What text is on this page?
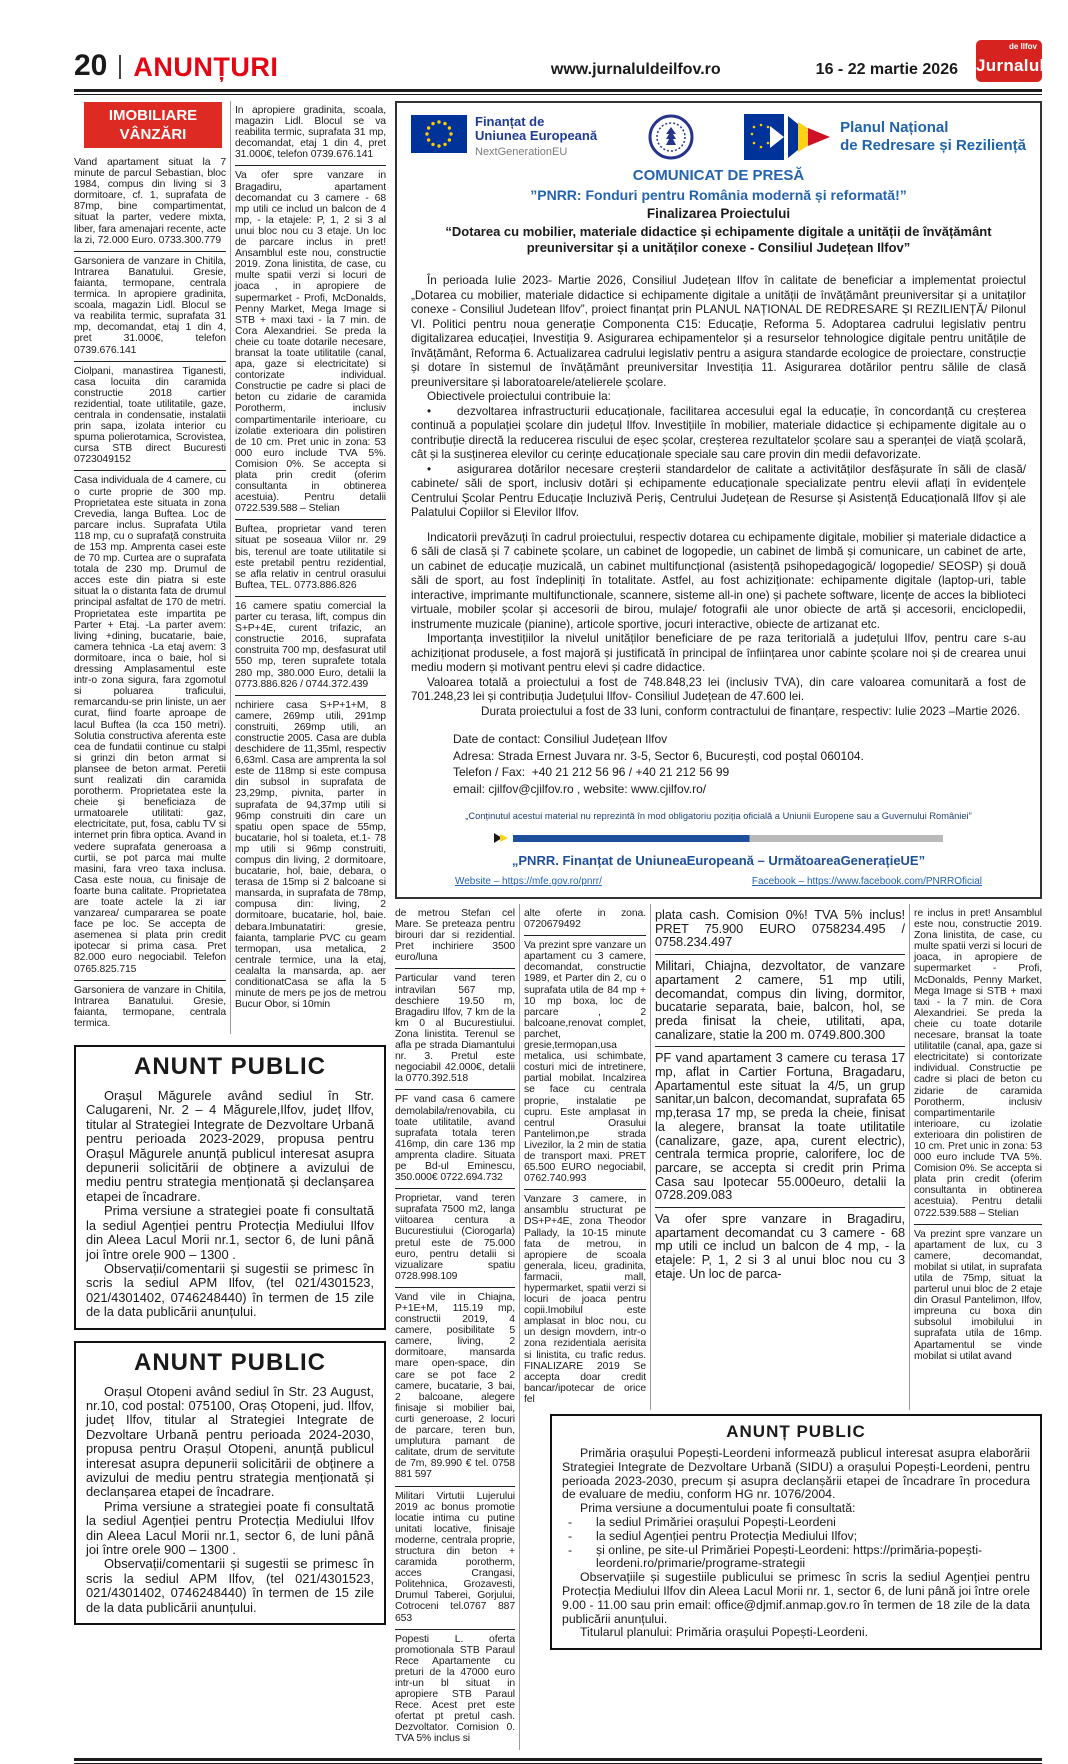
20 ANUNȚURI	www.jurnaluldeilfov.ro	16 - 22 martie 2026
de Ilfov
Jurnalul
IMOBILIARE
VÂNZĂRI
Vand apartament situat la 7 minute de parcul Sebastian, bloc 1984, compus din living si 3 dormitoare, cf. 1, suprafata de 87mp, bine compartimentat, situat la parter, vedere mixta, liber, fara amenajari recente, acte la zi, 72.000 Euro. 0733.300.779
Garsoniera de vanzare in Chitila, Intrarea Banatului. Gresie, faianta, termopane, centrala termica. In apropiere gradinita, scoala, magazin Lidl. Blocul se va reabilita termic, suprafata 31 mp, decomandat, etaj 1 din 4, pret 31.000€, telefon 0739.676.141
Ciolpani, manastirea Tiganesti, casa locuita din caramida constructie 2018 cartier rezidential, toate utilitatile, gaze, centrala in condensatie, instalatii prin sapa, izolata interior cu spuma polierotamica, Scrovistea, cursa STB direct Bucuresti 0723049152
Casa individuala de 4 camere, cu o curte proprie de 300 mp. Proprietatea este situata in zona Crevedia, langa Buftea. Loc de parcare inclus. Suprafata Utila 118 mp, cu o suprafață construita de 153 mp. Amprenta casei este de 70 mp. Curtea are o suprafata totala de 230 mp. Drumul de acces este din piatra si este situat la o distanta fata de drumul principal asfaltat de 170 de metri. Proprietatea este impartita pe Parter + Etaj. -La parter avem: living +dining, bucatarie, baie, camera tehnica -La etaj avem: 3 dormitoare, inca o baie, hol si dressing Amplasamentul este intr-o zona sigura, fara zgomotul si poluarea traficului, remarcandu-se prin liniste, un aer curat, fiind foarte aproape de lacul Buftea (la cca 150 metri). Solutia constructiva aferenta este cea de fundatii continue cu stalpi si grinzi din beton armat si plansee de beton armat. Peretii sunt realizati din caramida porotherm. Proprietatea este la cheie și beneficiaza de urmatoarele utilitati: gaz, electricitate, put, fosa, cablu TV si internet prin fibra optica. Avand in vedere suprafata generoasa a curtii, se pot parca mai multe masini, fara vreo taxa inclusa. Casa este noua, cu finisaje de foarte buna calitate. Proprietatea are toate actele la zi iar vanzarea/ cumpararea se poate face pe loc. Se accepta de asemenea si plata prin credit ipotecar si prima casa. Pret 82.000 euro negociabil. Telefon 0765.825.715
Garsoniera de vanzare in Chitila, Intrarea Banatului. Gresie, faianta, termopane, centrala termica.
In apropiere gradinita, scoala, magazin Lidl. Blocul se va reabilita termic, suprafata 31 mp, decomandat, etaj 1 din 4, pret 31.000€, telefon 0739.676.141
Va ofer spre vanzare in Bragadiru, apartament decomandat cu 3 camere - 68 mp utili ce includ un balcon de 4 mp, - la etajele: P, 1, 2 si 3 al unui bloc nou cu 3 etaje. Un loc de parcare inclus in pret! Ansamblul este nou, constructie 2019. Zona linistita, de case, cu multe spatii verzi si locuri de joaca , in apropiere de supermarket - Profi, McDonalds, Penny Market, Mega Image si STB + maxi taxi - la 7 min. de Cora Alexandriei. Se preda la cheie cu toate dotarile necesare, bransat la toate utilitatile (canal, apa, gaze si electricitate) si contorizate individual. Constructie pe cadre si placi de beton cu zidarie de caramida Porotherm, inclusiv compartimentarile interioare, cu izolatie exterioara din polistiren de 10 cm. Pret unic in zona: 53 000 euro include TVA 5%. Comision 0%. Se accepta si plata prin credit (oferim consultanta in obtinerea acestuia). Pentru detalii 0722.539.588 – Stelian
Buftea, proprietar vand teren situat pe soseaua Viilor nr. 29 bis, terenul are toate utilitatile si este pretabil pentru rezidential, se afla relativ in centrul orasului Buftea, TEL. 0773.886.826
16 camere spatiu comercial la parter cu terasa, lift, compus din S+P+4E, curent trifazic, an constructie 2016, suprafata construita 700 mp, desfasurat util 550 mp, teren suprafete totala 280 mp, 380.000 Euro, detalii la 0773.886.826 / 0744.372.439
nchiriere casa S+P+1+M, 8 camere, 269mp utili, 291mp construiti, 269mp utili, an constructie 2005. Casa are dubla deschidere de 11,35ml, respectiv 6,63ml. Casa are amprenta la sol este de 118mp si este compusa din subsol in suprafata de 23,29mp, pivnita, parter in suprafata de 94,37mp utili si 96mp construiti din care un spatiu open space de 55mp, bucatarie, hol si toaleta, et.1- 78 mp utili si 96mp construiti, compus din living, 2 dormitoare, bucatarie, hol, baie, debara, o terasa de 15mp si 2 balcoane si mansarda, in suprafata de 78mp, compusa din: living, 2 dormitoare, bucatarie, hol, baie. debara.Imbunatatiri: gresie, faianta, tamplarie PVC cu geam termopan, usa metalica, 2 centrale termice, una la etaj, cealalta la mansarda, ap. aer conditionatCasa se afla la 5 minute de mers pe jos de metrou Bucur Obor, si 10min
ANUNT PUBLIC

Orașul Măgurele având sediul în Str. Calugareni, Nr. 2 – 4 Măgurele,Ilfov, județ Ilfov, titular al Strategiei Integrate de Dezvoltare Urbană pentru perioada 2023-2029, propusa pentru Orașul Măgurele anunță publicul interesat asupra depunerii solicitării de obținere a avizului de mediu pentru strategia menționată și declanșarea etapei de încadrare.

Prima versiune a strategiei poate fi consultată la sediul Agenției pentru Protecția Mediului Ilfov din Aleea Lacul Morii nr.1, sector 6, de luni până joi între orele 900 – 1300 .

Observații/comentarii și sugestii se primesc în scris la sediul APM Ilfov, (tel 021/4301523, 021/4301402, 0746248440) în termen de 15 zile de la data publicării anunțului.

ANUNT PUBLIC

Orașul Otopeni având sediul în Str. 23 August, nr.10, cod postal: 075100, Oraș Otopeni, jud. Ilfov, județ Ilfov, titular al Strategiei Integrate de Dezvoltare Urbană pentru perioada 2024-2030, propusa pentru Orașul Otopeni, anunță publicul interesat asupra depunerii solicitării de obținere a avizului de mediu pentru strategia menționată și declanșarea etapei de încadrare.

Prima versiune a strategiei poate fi consultată la sediul Agenției pentru Protecția Mediului Ilfov din Aleea Lacul Morii nr.1, sector 6, de luni până joi între orele 900 – 1300 .

Observații/comentarii și sugestii se primesc în scris la sediul APM Ilfov, (tel 021/4301523, 021/4301402, 0746248440) în termen de 15 zile de la data publicării anunțului.

Finanțat de
Uniunea Europeană
NextGenerationEU
Planul Național
de Redresare și Reziliență
COMUNICAT DE PRESĂ
”PNRR: Fonduri pentru România modernă și reformată!”
Finalizarea Proiectului
“Dotarea cu mobilier, materiale didactice și echipamente digitale a unității de învățământ preuniversitar și a unităților conexe - Consiliul Județean Ilfov”

În perioada Iulie 2023- Martie 2026, Consiliul Județean Ilfov în calitate de beneficiar a implementat proiectul „Dotarea cu mobilier, materiale didactice si echipamente digitale a unității de învățământ preuniversitar și a unitaților conexe - Consiliul Judetean Ilfov”, proiect finanțat prin PLANUL NAȚIONAL DE REDRESARE ȘI REZILIENȚĂ/ Pilonul VI. Politici pentru noua generație Componenta C15: Educație, Reforma 5. Adoptarea cadrului legislativ pentru digitalizarea educației, Investiția 9. Asigurarea echipamentelor și a resurselor tehnologice digitale pentru unitățile de învățământ, Reforma 6. Actualizarea cadrului legislativ pentru a asigura standarde ecologice de proiectare, construcție și dotare în sistemul de învățământ preuniversitar Investiția 11. Asigurarea dotărilor pentru sălile de clasă preuniversitare și laboratoarele/atelierele școlare.

Obiectivele proiectului contribuie la:

• dezvoltarea infrastructurii educaționale, facilitarea accesului egal la educație, în concordanță cu creșterea continuă a populației școlare din județul Ilfov. Investițiile în mobilier, materiale didactice și echipamente digitale au o contribuție directă la reducerea riscului de eșec școlar, creșterea rezultatelor școlare sau a speranței de viață școlară, cât și la susținerea elevilor cu cerințe educaționale speciale sau care provin din medii defavorizate.

• asigurarea dotărilor necesare creșterii standardelor de calitate a activităților desfășurate în săli de clasă/ cabinete/ săli de sport, inclusiv dotări și echipamente educaționale specializate pentru elevii aflați în evidențele Centrului Școlar Pentru Educație Incluzivă Periș, Centrului Județean de Resurse și Asistență Educațională Ilfov și ale Palatului Copiilor si Elevilor Ilfov.

Indicatorii prevăzuți în cadrul proiectului, respectiv dotarea cu echipamente digitale, mobilier și materiale didactice a 6 săli de clasă și 7 cabinete școlare, un cabinet de logopedie, un cabinet de limbă și comunicare, un cabinet de arte, un cabinet de educație muzicală, un cabinet multifuncțional (asistență psihopedagogică/ logopedie/ SEOSP) și două săli de sport, au fost îndepliniți în totalitate. Astfel, au fost achiziționate: echipamente digitale (laptop-uri, table interactive, imprimante multifunctionale, scannere, sisteme all-in one) și pachete software, licențe de acces la biblioteci virtuale, mobiler școlar și accesorii de birou, mulaje/ fotografii ale unor obiecte de artă și accesorii, enciclopedii, instrumente muzicale (pianine), articole sportive, jocuri interactive, obiecte de artizanat etc.

Importanța investițiilor la nivelul unităților beneficiare de pe raza teritorială a județului Ilfov, pentru care s-au achiziționat produsele, a fost majoră și justificată în principal de înființarea unor cabinte școlare noi și de crearea unui mediu modern și motivant pentru elevi și cadre didactice.

Valoarea totală a proiectului a fost de 748.848,23 lei (inclusiv TVA), din care valoarea comunitară a fost de 701.248,23 lei și contribuția Județului Ilfov- Consiliul Județean de 47.600 lei.

Durata proiectului a fost de 33 luni, conform contractului de finanțare, respectiv: Iulie 2023 –Martie 2026.

Date de contact: Consiliul Județean Ilfov
Adresa: Strada Ernest Juvara nr. 3-5, Sector 6, București, cod poștal 060104.
Telefon / Fax:  +40 21 212 56 96 / +40 21 212 56 99
email: cjilfov@cjilfov.ro , website: www.cjilfov.ro/
„Conținutul acestui material nu reprezintă în mod obligatoriu poziția oficială a Uniunii Europene sau a Guvernului României”
„PNRR. Finanțat de UniuneaEuropeană – UrmătoareaGenerațieUE”
Website – https://mfe.gov.ro/pnrr/	Facebook – https://www.facebook.com/PNRROficial
de metrou Stefan cel Mare. Se preteaza pentru birouri dar si rezidential. Pret inchiriere 3500 euro/luna
Particular vand teren intravilan 567 mp, deschiere 19.50 m, Bragadiru Ilfov, 7 km de la km 0 al Bucurestiului. Zona linistita. Terenul se afla pe strada Diamantului nr. 3. Pretul este negociabil 42.000€, detalii la 0770.392.518
PF vand casa 6 camere demolabila/renovabila, cu toate utilitatile, avand suprafata totala teren 416mp, din care 136 mp amprenta cladire. Situata pe Bd-ul Eminescu, 350.000€ 0722.694.732
Proprietar, vand teren suprafata 7500 m2, langa viitoarea centura a Bucurestiului (Ciorogarla) pretul este de 75.000 euro, pentru detalii si vizualizare spatiu 0728.998.109
Vand vile in Chiajna, P+1E+M, 115.19 mp, constructii 2019, 4 camere, posibilitate 5 camere, living, 2 dormitoare, mansarda mare open-space, din care se pot face 2 camere, bucatarie, 3 bai, 2 balcoane, alegere finisaje si mobilier bai, curti generoase, 2 locuri de parcare, teren bun, umplutura pamant de calitate, drum de servitute de 7m, 89.990 € tel. 0758 881 597
Militari Virtutii Lujerului 2019 ac bonus promotie locatie intima cu putine unitati locative, finisaje moderne, centrala proprie, structura din beton + caramida porotherm, acces Crangasi, Politehnica, Grozavesti, Drumul Taberei, Gorjului, Cotroceni tel.0767 887 653
Popesti L. oferta promotionala STB Paraul Rece Apartamente cu preturi de la 47000 euro intr-un bl situat in apropiere STB Paraul Rece. Acest pret este ofertat pt pretul cash. Dezvoltator. Comision 0. TVA 5% inclus si
alte oferte in zona. 0720679492
Va prezint spre vanzare un apartament cu 3 camere, decomandat, constructie 1989, et Parter din 2, cu o suprafata utila de 84 mp + 10 mp boxa, loc de parcare , 2 balcoane,renovat complet, parchet, gresie,termopan,usa metalica, usi schimbate, costuri mici de intretinere, partial mobilat. Incalzirea se face cu centrala proprie, instalatie pe cupru. Este amplasat in centrul Orasului Pantelimon,pe strada Livezilor, la 2 min de statia de transport maxi. PRET 65.500 EURO negociabil, 0762.740.993
Vanzare 3 camere, in ansamblu structurat pe DS+P+4E, zona Theodor Pallady, la 10-15 minute fata de metrou, in apropiere de scoala generala, liceu, gradinita, farmacii, mall, hypermarket, spatii verzi si locuri de joaca pentru copii.Imobilul este amplasat in bloc nou, cu un design movdern, intr-o zona rezidentiala aerisita si linistita, cu trafic redus. FINALIZARE 2019 Se accepta doar credit bancar/ipotecar de orice fel
plata cash. Comision 0%! TVA 5% inclus! PRET 75.900 EURO 0758234.495 / 0758.234.497
Militari, Chiajna, dezvoltator, de vanzare apartament 2 camere, 51 mp utili, decomandat, compus din living, dormitor, bucatarie separata, baie, balcon, hol, se preda finisat la cheie, utilitati, apa, canalizare, statie la 200 m. 0749.800.300
PF vand apartament 3 camere cu terasa 17 mp, aflat in Cartier Fortuna, Bragadaru, Apartamentul este situat la 4/5, un grup sanitar,un balcon, decomandat, suprafata 65 mp,terasa 17 mp, se preda la cheie, finisat la alegere, bransat la toate utilitatile (canalizare, gaze, apa, curent electric), centrala termica proprie, calorifere, loc de parcare, se accepta si credit prin Prima Casa sau Ipotecar 55.000euro, detalii la 0728.209.083
Va ofer spre vanzare in Bragadiru, apartament decomandat cu 3 camere - 68 mp utili ce includ un balcon de 4 mp, - la etajele: P, 1, 2 si 3 al unui bloc nou cu 3 etaje. Un loc de parca-
re inclus in pret! Ansamblul este nou, constructie 2019. Zona linistita, de case, cu multe spatii verzi si locuri de joaca, in apropiere de supermarket - Profi, McDonalds, Penny Market, Mega Image si STB + maxi taxi - la 7 min. de Cora Alexandriei. Se preda la cheie cu toate dotarile necesare, bransat la toate utilitatile (canal, apa, gaze si electricitate) si contorizate individual. Constructie pe cadre si placi de beton cu zidarie de caramida Porotherm, inclusiv compartimentarile interioare, cu izolatie exterioara din polistiren de 10 cm. Pret unic in zona: 53 000 euro include TVA 5%. Comision 0%. Se accepta si plata prin credit (oferim consultanta in obtinerea acestuia). Pentru detalii 0722.539.588 – Stelian
Va prezint spre vanzare un apartament de lux, cu 3 camere, decomandat, mobilat si utilat, in suprafata utila de 75mp, situat la parterul unui bloc de 2 etaje din Orasul Pantelimon, Ilfov, impreuna cu boxa din subsolul imobilului in suprafata utila de 16mp. Apartamentul se vinde mobilat si utilat avand
ANUNȚ PUBLIC

Primăria orașului Popești-Leordeni informează publicul interesat asupra elaborării Strategiei Integrate de Dezvoltare Urbană (SIDU) a orașului Popești-Leordeni, pentru perioada 2023-2030, precum și asupra declanșării etapei de încadrare în procedura de evaluare de mediu, conform HG nr. 1076/2004.

Prima versiune a documentului poate fi consultată:

- la sediul Primăriei orașului Popești-Leordeni

- la sediul Agenției pentru Protecția Mediului Ilfov;

- și online, pe site-ul Primăriei Popești-Leordeni: https://primăria-popești-leordeni.ro/primarie/programe-strategii

Observațiile și sugestiile publicului se primesc în scris la sediul Agenției pentru Protecția Mediului Ilfov din Aleea Lacul Morii nr. 1, sector 6, de luni până joi între orele 9.00 - 11.00 sau prin email: office@djmif.anmap.gov.ro în termen de 18 zile de la data publicării anunțului.

Titularul planului: Primăria orașului Popești-Leordeni.
